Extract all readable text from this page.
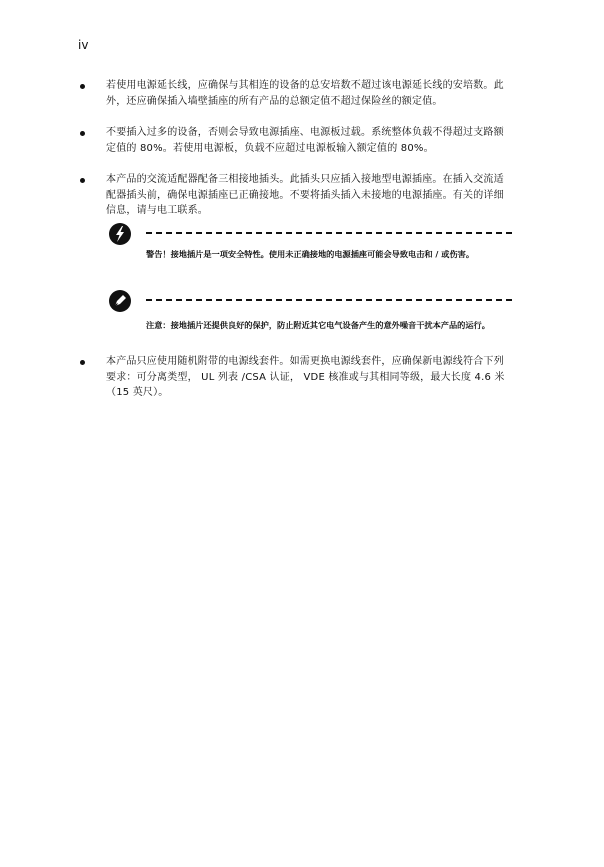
iv
若使用电源延长线，应确保与其相连的设备的总安培数不超过该电源延长线的安培数。此外，还应确保插入墙壁插座的所有产品的总额定值不超过保险丝的额定值。
不要插入过多的设备，否则会导致电源插座、电源板过载。系统整体负载不得超过支路额定值的 80%。若使用电源板，负载不应超过电源板输入额定值的 80%。
本产品的交流适配器配备三相接地插头。此插头只应插入接地型电源插座。在插入交流适配器插头前，确保电源插座已正确接地。不要将插头插入未接地的电源插座。有关的详细信息，请与电工联系。
警告！接地插片是一项安全特性。使用未正确接地的电源插座可能会导致电击和 / 或伤害。
注意：接地插片还提供良好的保护，防止附近其它电气设备产生的意外噪音干扰本产品的运行。
本产品只应使用随机附带的电源线套件。如需更换电源线套件，应确保新电源线符合下列要求：可分离类型， UL 列表 /CSA 认证， VDE 核准或与其相同等级，最大长度 4.6 米 （15 英尺）。
